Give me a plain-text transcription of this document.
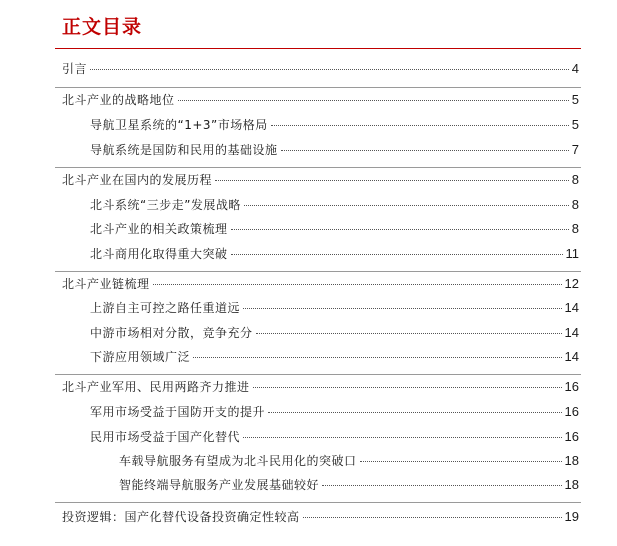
正文目录
引言	4
北斗产业的战略地位	5
导航卫星系统的“1+3”市场格局	5
导航系统是国防和民用的基础设施	7
北斗产业在国内的发展历程	8
北斗系统“三步走”发展战略	8
北斗产业的相关政策梳理	8
北斗商用化取得重大突破	11
北斗产业链梳理	12
上游自主可控之路任重道远	14
中游市场相对分散，竞争充分	14
下游应用领域广泛	14
北斗产业军用、民用两路齐力推进	16
军用市场受益于国防开支的提升	16
民用市场受益于国产化替代	16
车载导航服务有望成为北斗民用化的突破口	18
智能终端导航服务产业发展基础较好	18
投资逻辑：国产化替代设备投资确定性较高	19
